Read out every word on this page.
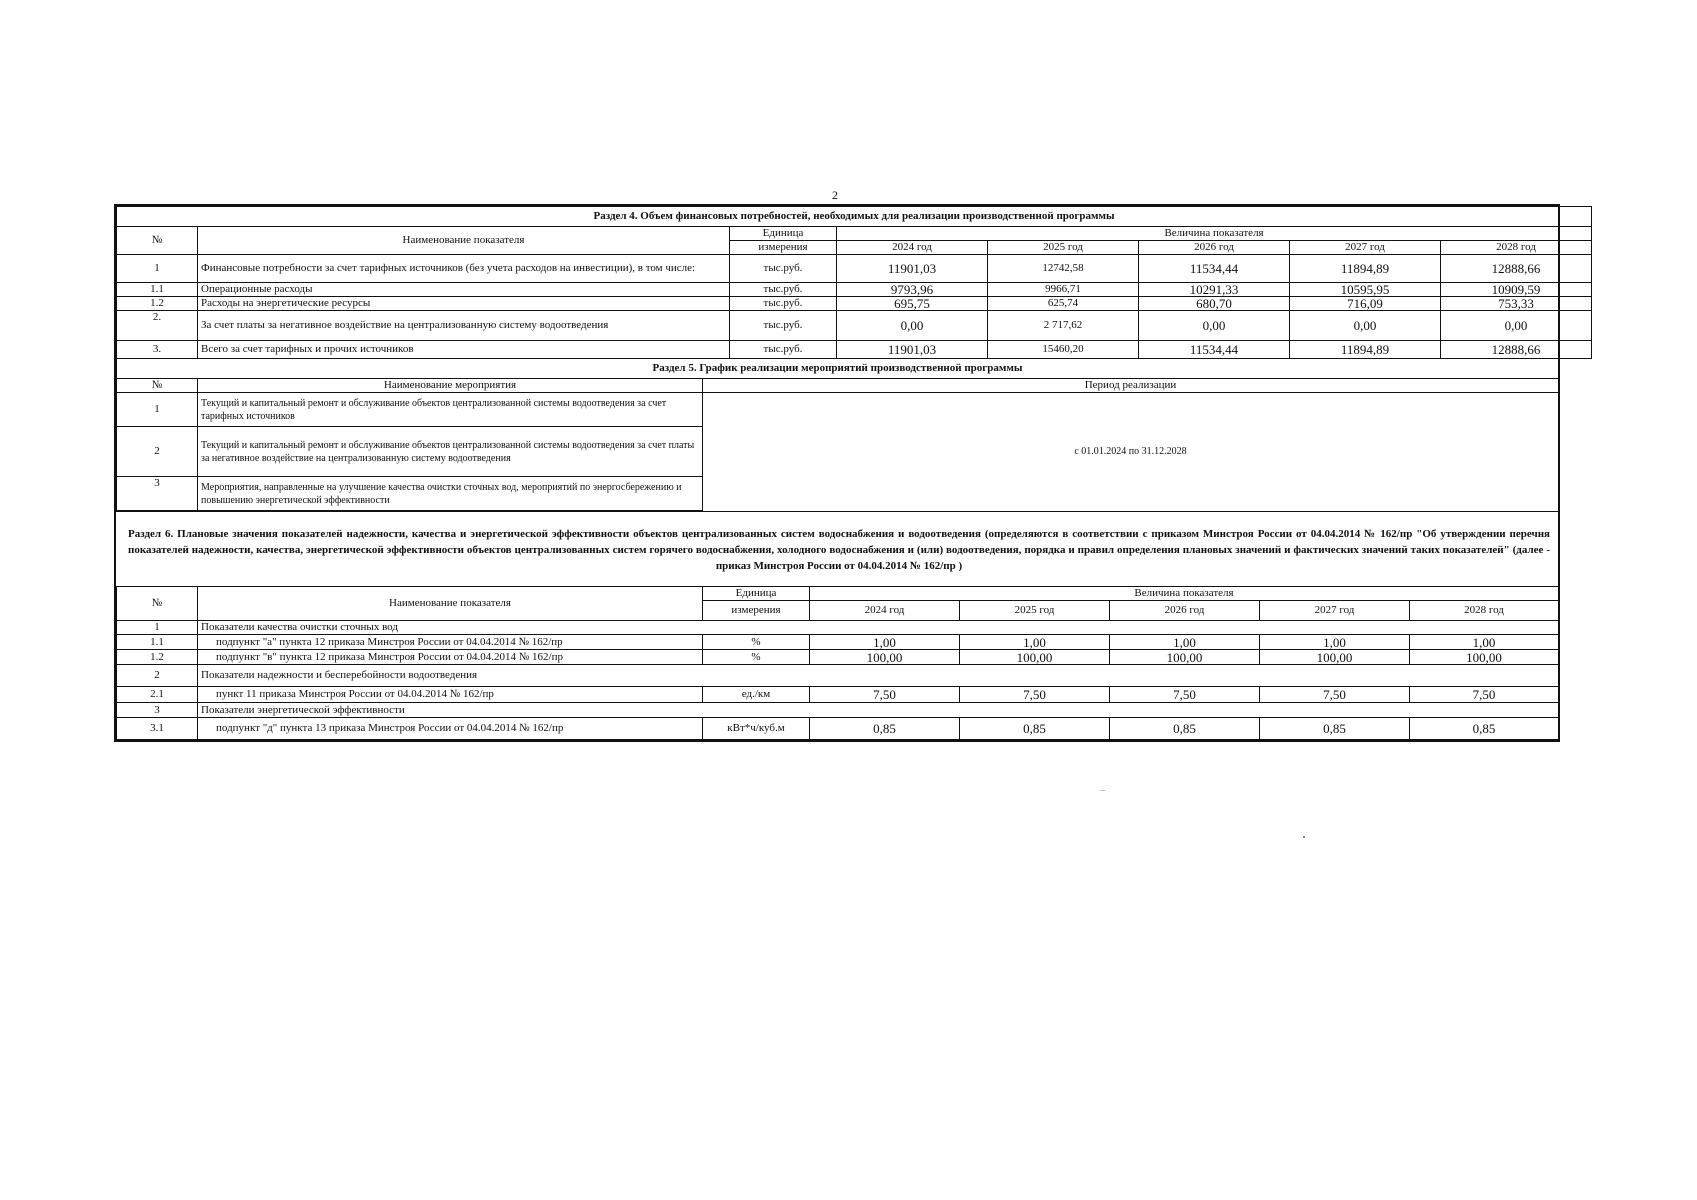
2
Раздел 4. Объем финансовых потребностей, необходимых для реализации производственной программы							
№	Наименование показателя	Единица	Величина показателя				
		измерения	2024 год	2025 год	2026 год	2027 год	2028 год
1	Финансовые потребности за счет тарифных источников (без учета расходов на инвестиции), в том числе:	тыс.руб.	11901,03	12742,58	11534,44	11894,89	12888,66
1.1	Операционные расходы	тыс.руб.	9793,96	9966,71	10291,33	10595,95	10909,59
1.2	Расходы на энергетические ресурсы	тыс.руб.	695,75	625,74	680,70	716,09	753,33
2.	За счет платы за негативное воздействие на централизованную систему водоотведения	тыс.руб.	0,00	2 717,62	0,00	0,00	0,00
3.	Всего за счет тарифных и прочих источников	тыс.руб.	11901,03	15460,20	11534,44	11894,89	12888,66
Раздел 5. График реализации мероприятий производственной программы		
№	Наименование мероприятия	Период реализации
1	Текущий и капитальный ремонт и обслуживание объектов централизованной системы водоотведения за счет тарифных источников	с 01.01.2024 по 31.12.2028
2	Текущий и капитальный ремонт и обслуживание объектов централизованной системы водоотведения за счет платы за негативное воздействие на централизованную систему водоотведения	
3	Мероприятия, направленные на улучшение качества очистки сточных вод, мероприятий по энергосбережению и повышению энергетической эффективности	
Раздел 6. Плановые значения показателей надежности, качества и энергетической эффективности объектов централизованных систем водоснабжения и водоотведения (определяются в соответствии с приказом Минстроя России от 04.04.2014 № 162/пр "Об утверждении перечня показателей надежности, качества, энергетической эффективности объектов централизованных систем горячего водоснабжения, холодного водоснабжения и (или) водоотведения, порядка и правил определения плановых значений и фактических значений таких показателей" (далее - приказ Минстроя России от 04.04.2014 № 162/пр )
№	Наименование показателя	Единица	Величина показателя				
		измерения	2024 год	2025 год	2026 год	2027 год	2028 год
1	Показатели качества очистки сточных вод						
1.1	подпункт "а" пункта 12 приказа Минстроя России от 04.04.2014 № 162/пр	%	1,00	1,00	1,00	1,00	1,00
1.2	подпункт "в" пункта 12 приказа Минстроя России от 04.04.2014 № 162/пр	%	100,00	100,00	100,00	100,00	100,00
2	Показатели надежности и бесперебойности водоотведения						
2.1	пункт 11 приказа Минстроя России от 04.04.2014 № 162/пр	ед./км	7,50	7,50	7,50	7,50	7,50
3	Показатели энергетической эффективности						
3.1	подпункт "д" пункта 13 приказа Минстроя России от 04.04.2014 № 162/пр	кВт*ч/куб.м	0,85	0,85	0,85	0,85	0,85
